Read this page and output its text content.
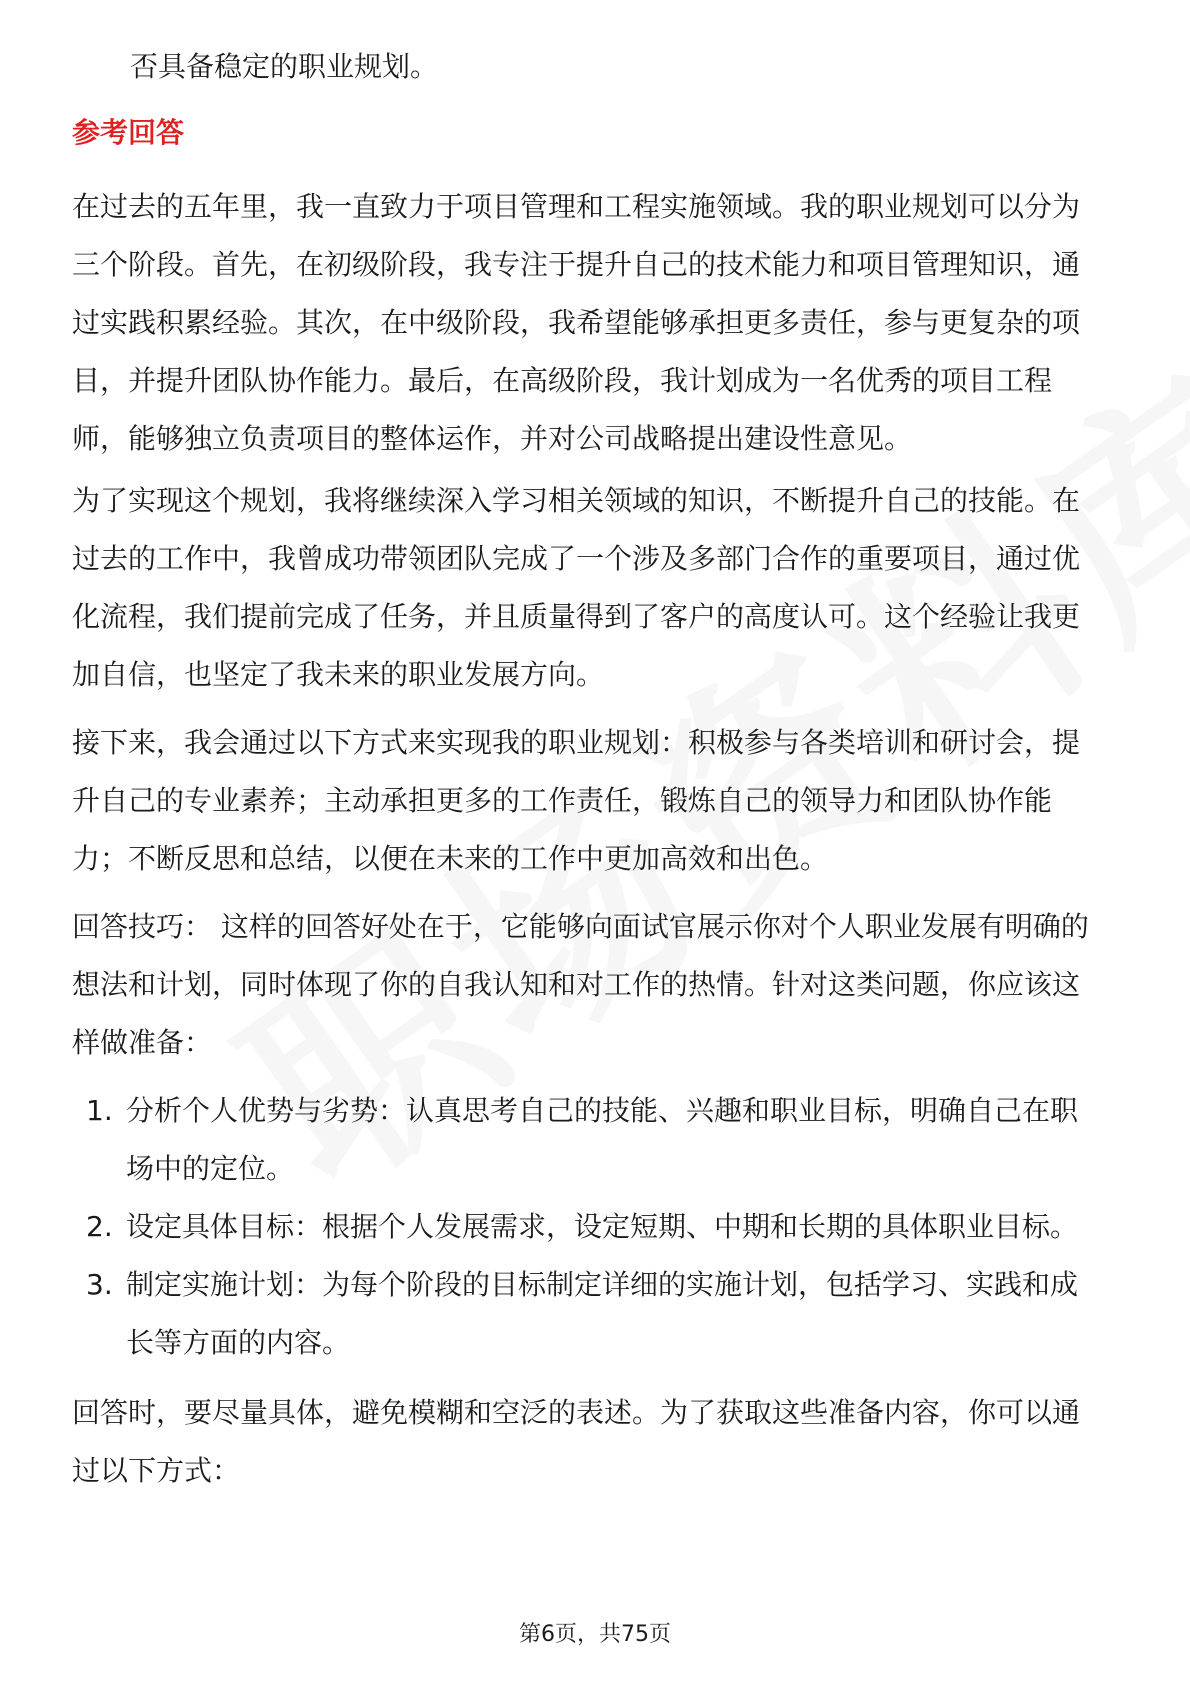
否具备稳定的职业规划。
参考回答
在过去的五年里，我一直致力于项目管理和工程实施领域。我的职业规划可以分为
三个阶段。首先，在初级阶段，我专注于提升自己的技术能力和项目管理知识，通
过实践积累经验。其次，在中级阶段，我希望能够承担更多责任，参与更复杂的项
目，并提升团队协作能力。最后，在高级阶段，我计划成为一名优秀的项目工程
师，能够独立负责项目的整体运作，并对公司战略提出建设性意见。
为了实现这个规划，我将继续深入学习相关领域的知识，不断提升自己的技能。在
过去的工作中，我曾成功带领团队完成了一个涉及多部门合作的重要项目，通过优
化流程，我们提前完成了任务，并且质量得到了客户的高度认可。这个经验让我更
加自信，也坚定了我未来的职业发展方向。
接下来，我会通过以下方式来实现我的职业规划：积极参与各类培训和研讨会，提
升自己的专业素养；主动承担更多的工作责任，锻炼自己的领导力和团队协作能
力；不断反思和总结，以便在未来的工作中更加高效和出色。
回答技巧： 这样的回答好处在于，它能够向面试官展示你对个人职业发展有明确的
想法和计划，同时体现了你的自我认知和对工作的热情。针对这类问题，你应该这
样做准备：
1. 分析个人优势与劣势：认真思考自己的技能、兴趣和职业目标，明确自己在职
场中的定位。
2. 设定具体目标：根据个人发展需求，设定短期、中期和长期的具体职业目标。
3. 制定实施计划：为每个阶段的目标制定详细的实施计划，包括学习、实践和成
长等方面的内容。
回答时，要尽量具体，避免模糊和空泛的表述。为了获取这些准备内容，你可以通
过以下方式：
第6页，共75页
